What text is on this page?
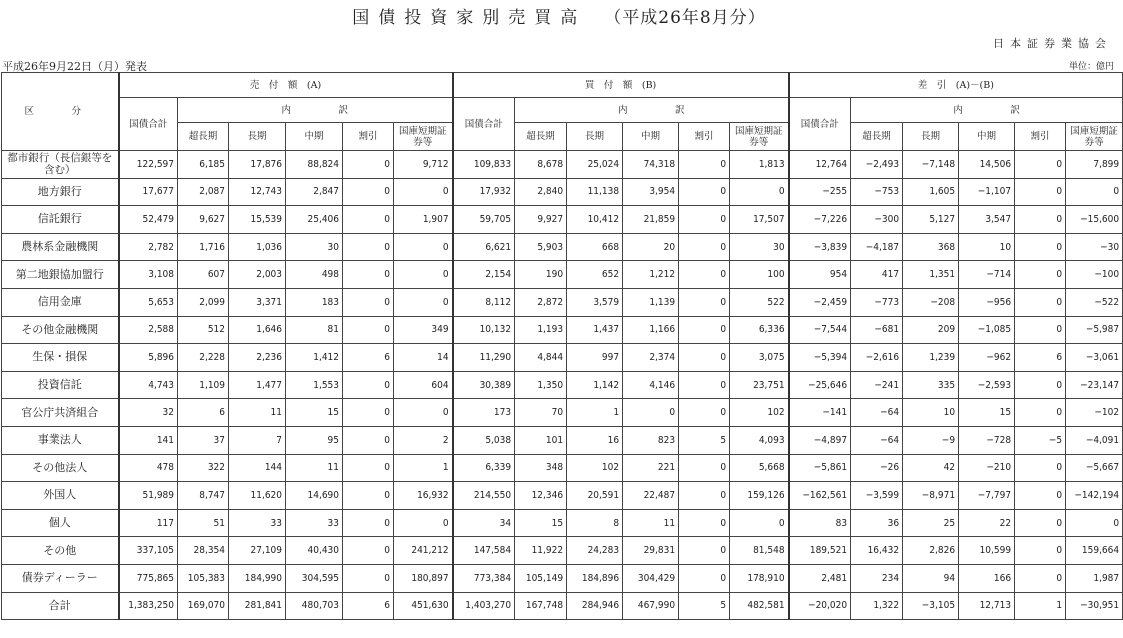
国債投資家別売買高 （平成26年8月分）
日本証券業協会
平成26年9月22日（月）発表	単位：億円
区　分	売　付　額　(A)						買　付　額　(B)						差　引　(A)－(B)					
	国債合計	内　　　　　訳					国債合計	内　　　　　訳					国債合計	内　　　　　訳				
		超長期	長期	中期	割引	国庫短期証券等		超長期	長期	中期	割引	国庫短期証券等		超長期	長期	中期	割引	国庫短期証券等
都市銀行（長信銀等を含む）	122,597	6,185	17,876	88,824	0	9,712	109,833	8,678	25,024	74,318	0	1,813	12,764	−2,493	−7,148	14,506	0	7,899
地方銀行	17,677	2,087	12,743	2,847	0	0	17,932	2,840	11,138	3,954	0	0	−255	−753	1,605	−1,107	0	0
信託銀行	52,479	9,627	15,539	25,406	0	1,907	59,705	9,927	10,412	21,859	0	17,507	−7,226	−300	5,127	3,547	0	−15,600
農林系金融機関	2,782	1,716	1,036	30	0	0	6,621	5,903	668	20	0	30	−3,839	−4,187	368	10	0	−30
第二地銀協加盟行	3,108	607	2,003	498	0	0	2,154	190	652	1,212	0	100	954	417	1,351	−714	0	−100
信用金庫	5,653	2,099	3,371	183	0	0	8,112	2,872	3,579	1,139	0	522	−2,459	−773	−208	−956	0	−522
その他金融機関	2,588	512	1,646	81	0	349	10,132	1,193	1,437	1,166	0	6,336	−7,544	−681	209	−1,085	0	−5,987
生保・損保	5,896	2,228	2,236	1,412	6	14	11,290	4,844	997	2,374	0	3,075	−5,394	−2,616	1,239	−962	6	−3,061
投資信託	4,743	1,109	1,477	1,553	0	604	30,389	1,350	1,142	4,146	0	23,751	−25,646	−241	335	−2,593	0	−23,147
官公庁共済組合	32	6	11	15	0	0	173	70	1	0	0	102	−141	−64	10	15	0	−102
事業法人	141	37	7	95	0	2	5,038	101	16	823	5	4,093	−4,897	−64	−9	−728	−5	−4,091
その他法人	478	322	144	11	0	1	6,339	348	102	221	0	5,668	−5,861	−26	42	−210	0	−5,667
外国人	51,989	8,747	11,620	14,690	0	16,932	214,550	12,346	20,591	22,487	0	159,126	−162,561	−3,599	−8,971	−7,797	0	−142,194
個人	117	51	33	33	0	0	34	15	8	11	0	0	83	36	25	22	0	0
その他	337,105	28,354	27,109	40,430	0	241,212	147,584	11,922	24,283	29,831	0	81,548	189,521	16,432	2,826	10,599	0	159,664
債券ディーラー	775,865	105,383	184,990	304,595	0	180,897	773,384	105,149	184,896	304,429	0	178,910	2,481	234	94	166	0	1,987
合計	1,383,250	169,070	281,841	480,703	6	451,630	1,403,270	167,748	284,946	467,990	5	482,581	−20,020	1,322	−3,105	12,713	1	−30,951
